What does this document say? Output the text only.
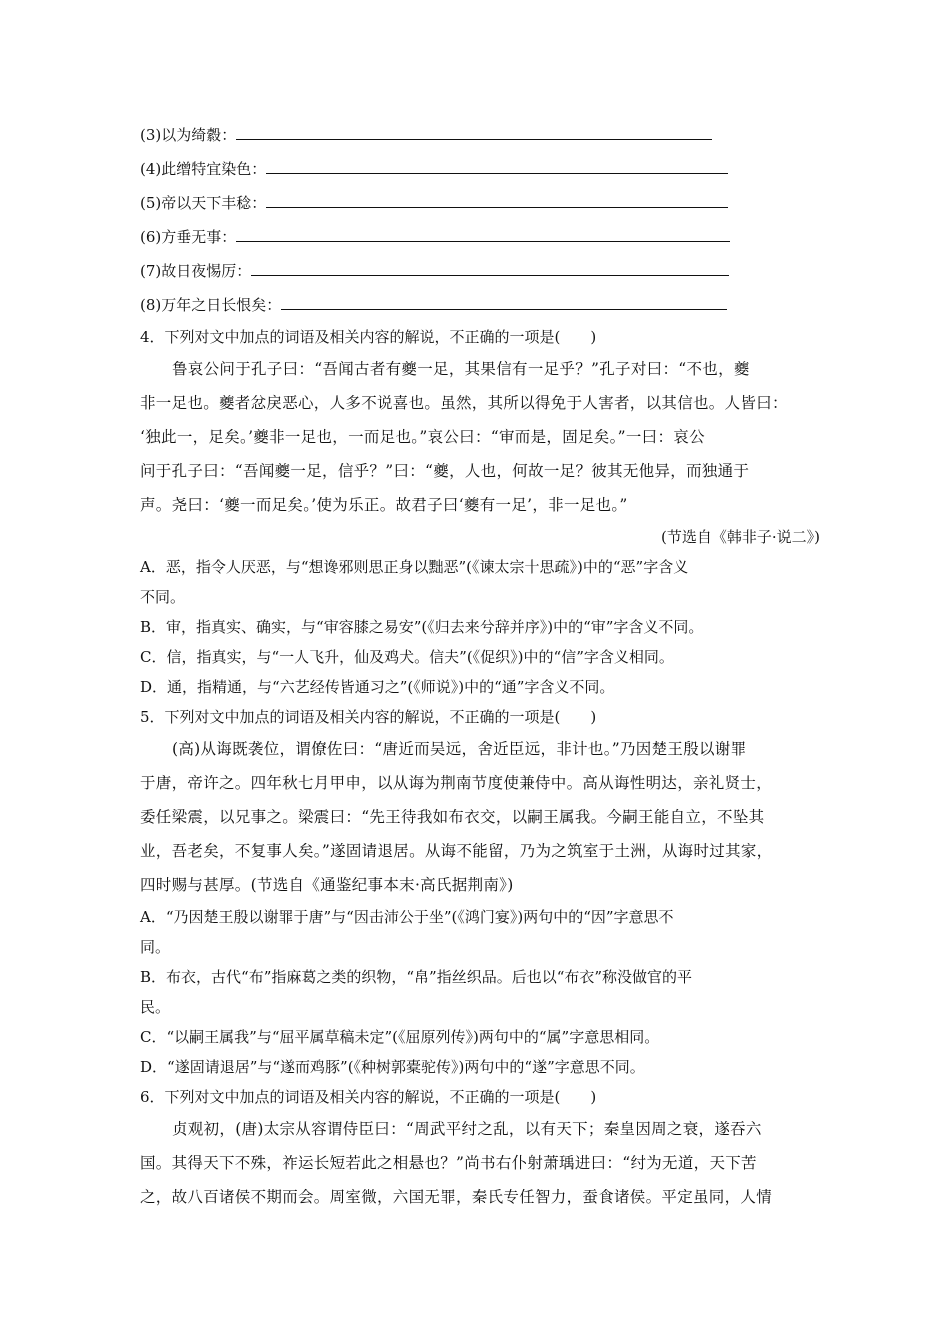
(3)以为绮縠：
(4)此缯特宜染色：
(5)帝以天下丰稔：
(6)方垂无事：
(7)故日夜惕厉：
(8)万年之日长恨矣：
4．下列对文中加点的词语及相关内容的解说，不正确的一项是(　　)
鲁哀公问于孔子曰：“吾闻古者有夔一足，其果信有一足乎？”孔子对曰：“不也，夔
非一足也。夔者忿戾恶心，人多不说喜也。虽然，其所以得免于人害者，以其信也。人皆曰：
‘独此一，足矣。’夔非一足也，一而足也。”哀公曰：“审而是，固足矣。”一曰：哀公
问于孔子曰：“吾闻夔一足，信乎？”曰：“夔，人也，何故一足？彼其无他异，而独通于
声。尧曰：‘夔一而足矣。’使为乐正。故君子曰‘夔有一足’，非一足也。”
(节选自《韩非子·说二》)
A．恶，指令人厌恶，与“想谗邪则思正身以黜恶”(《谏太宗十思疏》)中的“恶”字含义
不同。
B．审，指真实、确实，与“审容膝之易安”(《归去来兮辞并序》)中的“审”字含义不同。
C．信，指真实，与“一人飞升，仙及鸡犬。信夫”(《促织》)中的“信”字含义相同。
D．通，指精通，与“六艺经传皆通习之”(《师说》)中的“通”字含义不同。
5．下列对文中加点的词语及相关内容的解说，不正确的一项是(　　)
(高)从诲既袭位，谓僚佐曰：“唐近而吴远，舍近臣远，非计也。”乃因楚王殷以谢罪
于唐，帝许之。四年秋七月甲申，以从诲为荆南节度使兼侍中。高从诲性明达，亲礼贤士，
委任梁震，以兄事之。梁震曰：“先王待我如布衣交，以嗣王属我。今嗣王能自立，不坠其
业，吾老矣，不复事人矣。”遂固请退居。从诲不能留，乃为之筑室于土洲，从诲时过其家，
四时赐与甚厚。(节选自《通鉴纪事本末·高氏据荆南》)
A．“乃因楚王殷以谢罪于唐”与“因击沛公于坐”(《鸿门宴》)两句中的“因”字意思不
同。
B．布衣，古代“布”指麻葛之类的织物，“帛”指丝织品。后也以“布衣”称没做官的平
民。
C．“以嗣王属我”与“屈平属草稿未定”(《屈原列传》)两句中的“属”字意思相同。
D．“遂固请退居”与“遂而鸡豚”(《种树郭橐驼传》)两句中的“遂”字意思不同。
6．下列对文中加点的词语及相关内容的解说，不正确的一项是(　　)
贞观初，(唐)太宗从容谓侍臣曰：“周武平纣之乱，以有天下；秦皇因周之衰，遂吞六
国。其得天下不殊，祚运长短若此之相悬也？”尚书右仆射萧瑀进曰：“纣为无道，天下苦
之，故八百诸侯不期而会。周室微，六国无罪，秦氏专任智力，蚕食诸侯。平定虽同，人情
